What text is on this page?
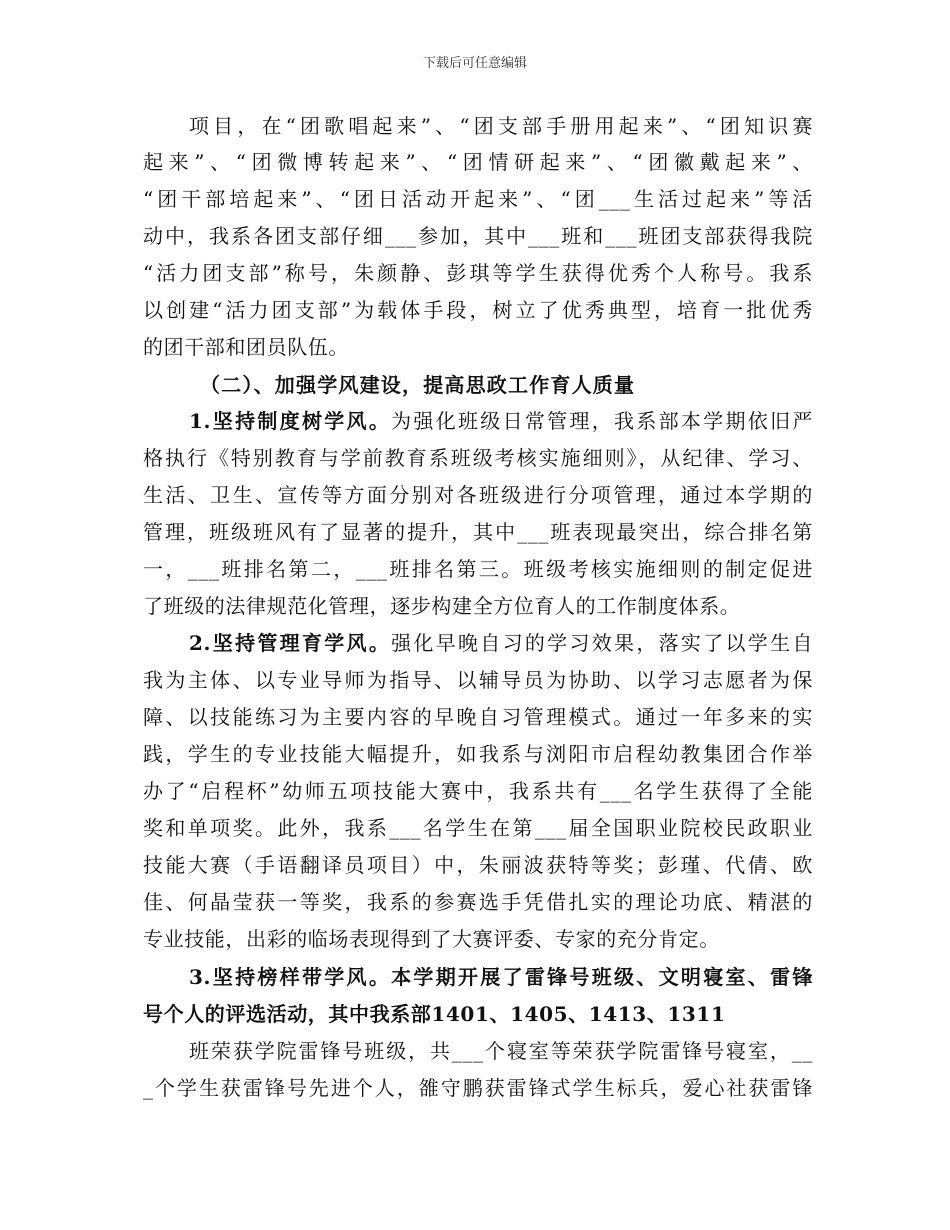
下载后可任意编辑
项目，在“团歌唱起来”、“团支部手册用起来”、“团知识赛
起来”、“团微博转起来”、“团情研起来”、“团徽戴起来”、
“团干部培起来”、“团日活动开起来”、“团___生活过起来”等活
动中，我系各团支部仔细___参加，其中___班和___班团支部获得我院
“活力团支部”称号，朱颜静、彭琪等学生获得优秀个人称号。我系
以创建“活力团支部”为载体手段，树立了优秀典型，培育一批优秀
的团干部和团员队伍。
（二）、加强学风建设，提高思政工作育人质量
1.坚持制度树学风。为强化班级日常管理，我系部本学期依旧严
格执行《特别教育与学前教育系班级考核实施细则》，从纪律、学习、
生活、卫生、宣传等方面分别对各班级进行分项管理，通过本学期的
管理，班级班风有了显著的提升，其中___班表现最突出，综合排名第
一，___班排名第二，___班排名第三。班级考核实施细则的制定促进
了班级的法律规范化管理，逐步构建全方位育人的工作制度体系。
2.坚持管理育学风。强化早晚自习的学习效果，落实了以学生自
我为主体、以专业导师为指导、以辅导员为协助、以学习志愿者为保
障、以技能练习为主要内容的早晚自习管理模式。通过一年多来的实
践，学生的专业技能大幅提升，如我系与浏阳市启程幼教集团合作举
办了“启程杯”幼师五项技能大赛中，我系共有___名学生获得了全能
奖和单项奖。此外，我系___名学生在第___届全国职业院校民政职业
技能大赛（手语翻译员项目）中，朱丽波获特等奖；彭瑾、代倩、欧
佳、何晶莹获一等奖，我系的参赛选手凭借扎实的理论功底、精湛的
专业技能，出彩的临场表现得到了大赛评委、专家的充分肯定。
3.坚持榜样带学风。本学期开展了雷锋号班级、文明寝室、雷锋
号个人的评选活动，其中我系部1401、1405、1413、1311
班荣获学院雷锋号班级，共___个寝室等荣获学院雷锋号寝室，__
_个学生获雷锋号先进个人，雒守鹏获雷锋式学生标兵，爱心社获雷锋
